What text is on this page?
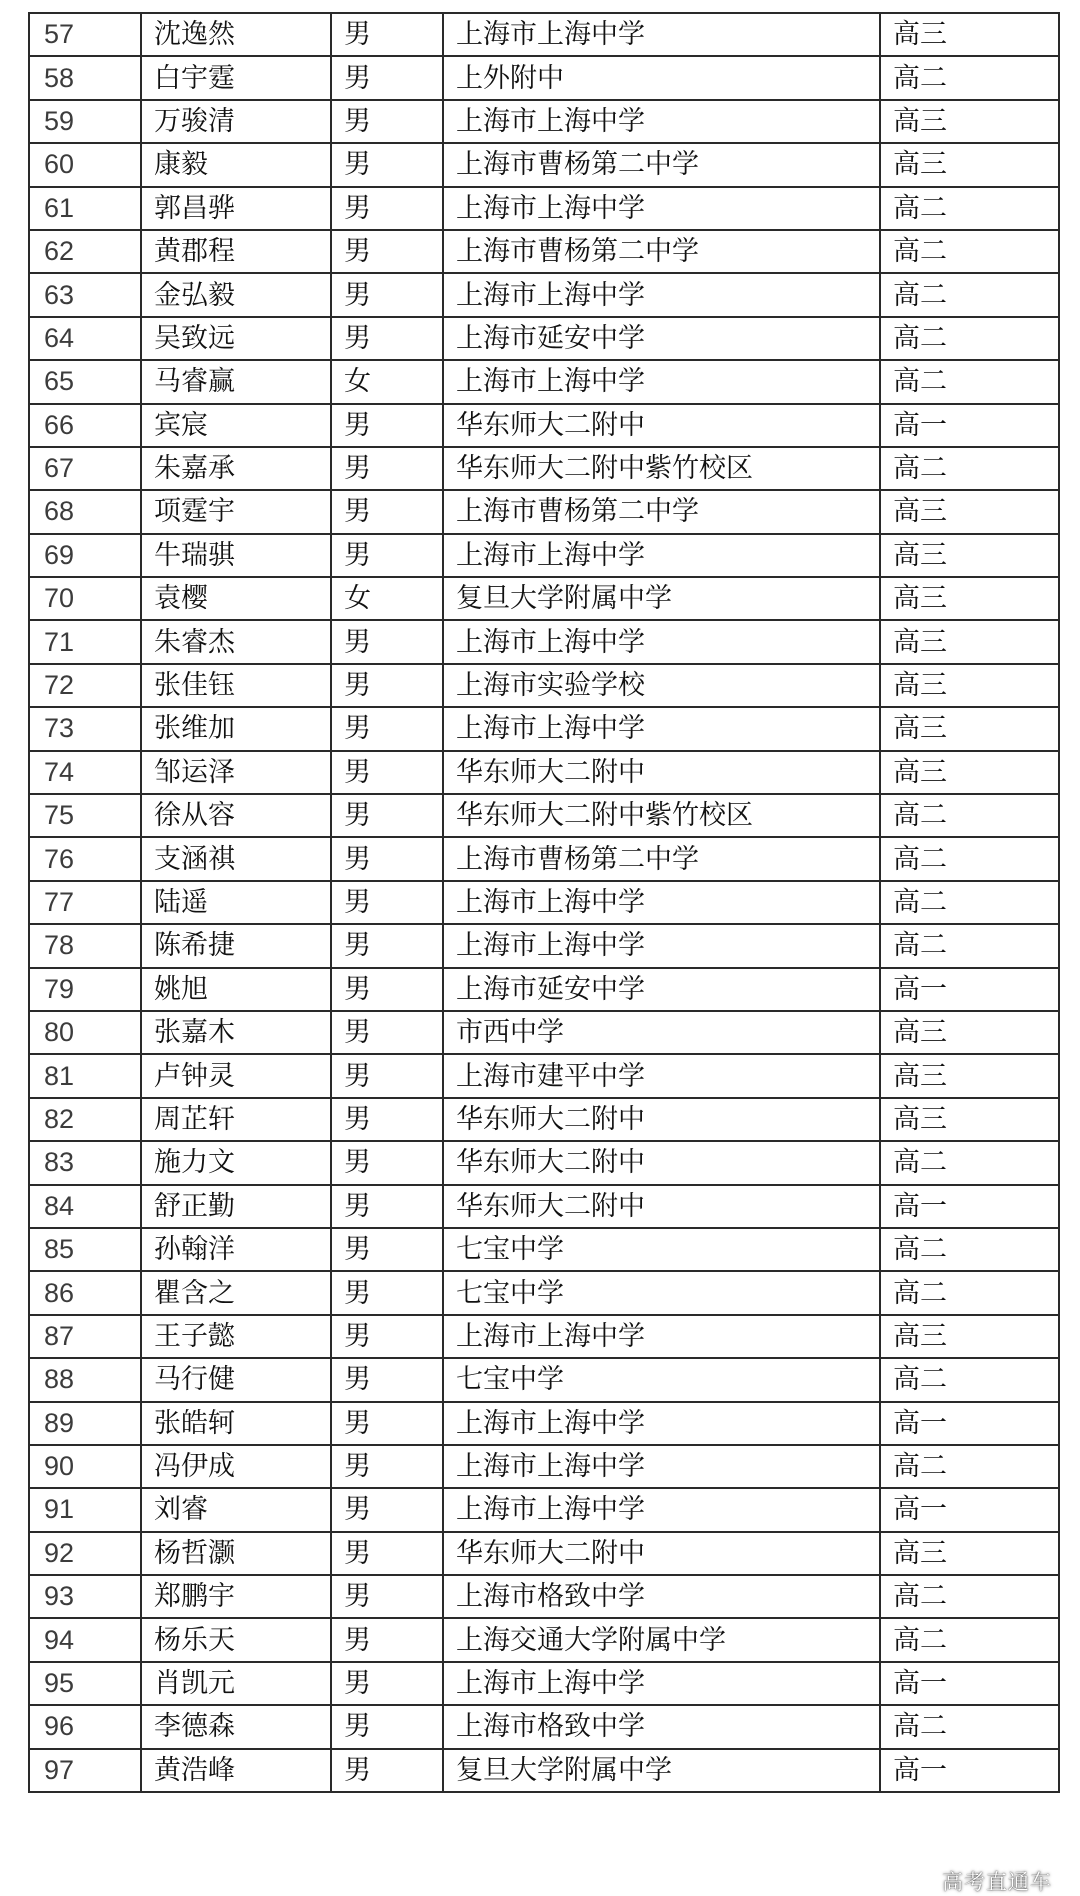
57	沈逸然	男	上海市上海中学	高三
58	白宇霆	男	上外附中	高二
59	万骏清	男	上海市上海中学	高三
60	康毅	男	上海市曹杨第二中学	高三
61	郭昌骅	男	上海市上海中学	高二
62	黄郡程	男	上海市曹杨第二中学	高二
63	金弘毅	男	上海市上海中学	高二
64	吴致远	男	上海市延安中学	高二
65	马睿赢	女	上海市上海中学	高二
66	宾宸	男	华东师大二附中	高一
67	朱嘉承	男	华东师大二附中紫竹校区	高二
68	项霆宇	男	上海市曹杨第二中学	高三
69	牛瑞骐	男	上海市上海中学	高三
70	袁樱	女	复旦大学附属中学	高三
71	朱睿杰	男	上海市上海中学	高三
72	张佳钰	男	上海市实验学校	高三
73	张维加	男	上海市上海中学	高三
74	邹运泽	男	华东师大二附中	高三
75	徐从容	男	华东师大二附中紫竹校区	高二
76	支涵祺	男	上海市曹杨第二中学	高二
77	陆遥	男	上海市上海中学	高二
78	陈希捷	男	上海市上海中学	高二
79	姚旭	男	上海市延安中学	高一
80	张嘉木	男	市西中学	高三
81	卢钟灵	男	上海市建平中学	高三
82	周芷轩	男	华东师大二附中	高三
83	施力文	男	华东师大二附中	高二
84	舒正勤	男	华东师大二附中	高一
85	孙翰洋	男	七宝中学	高二
86	瞿含之	男	七宝中学	高二
87	王子懿	男	上海市上海中学	高三
88	马行健	男	七宝中学	高二
89	张皓轲	男	上海市上海中学	高一
90	冯伊成	男	上海市上海中学	高二
91	刘睿	男	上海市上海中学	高一
92	杨哲灏	男	华东师大二附中	高三
93	郑鹏宇	男	上海市格致中学	高二
94	杨乐天	男	上海交通大学附属中学	高二
95	肖凯元	男	上海市上海中学	高一
96	李德森	男	上海市格致中学	高二
97	黄浩峰	男	复旦大学附属中学	高一
高考直通车
